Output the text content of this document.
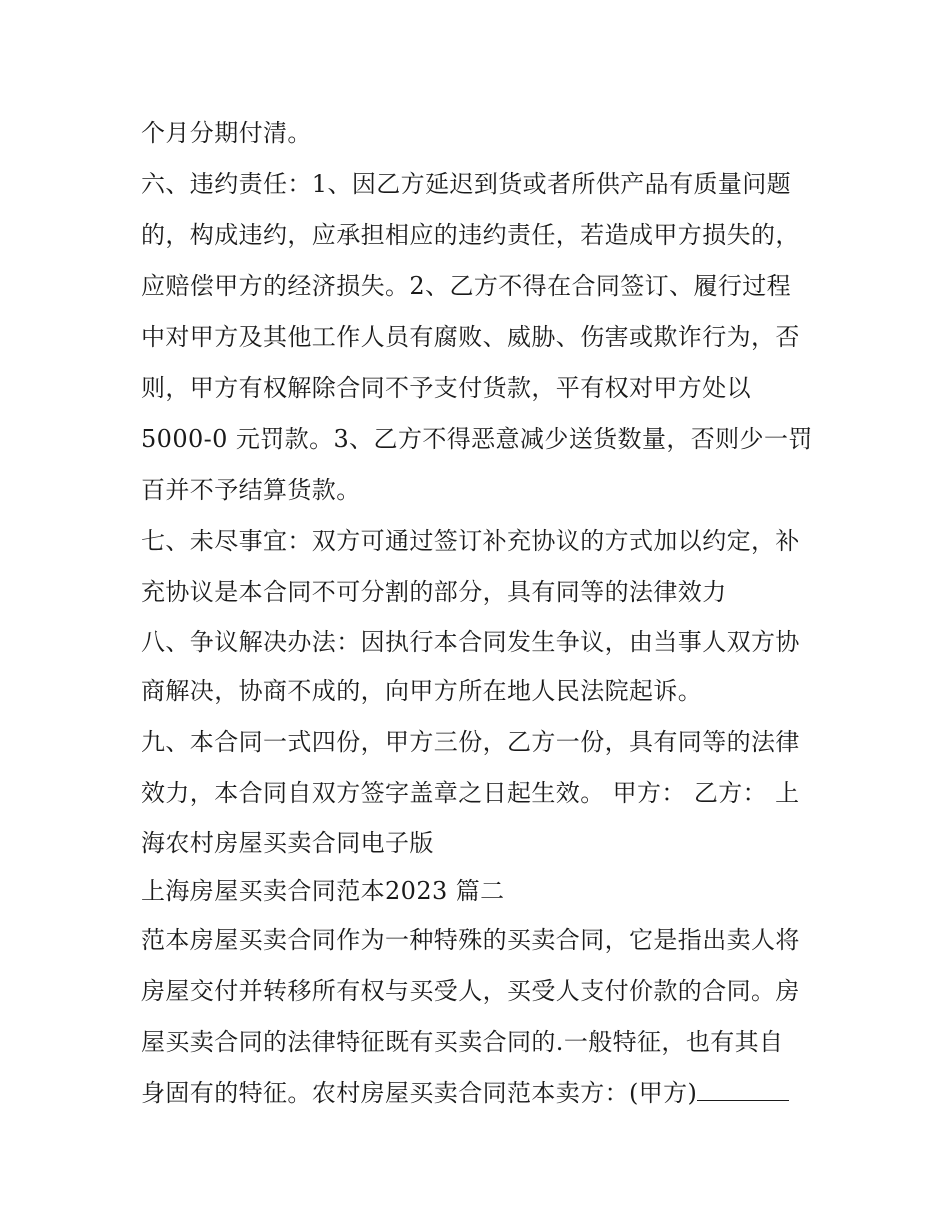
个月分期付清。
六、违约责任：1、因乙方延迟到货或者所供产品有质量问题
的，构成违约，应承担相应的违约责任，若造成甲方损失的，
应赔偿甲方的经济损失。2、乙方不得在合同签订、履行过程
中对甲方及其他工作人员有腐败、威胁、伤害或欺诈行为，否
则，甲方有权解除合同不予支付货款，平有权对甲方处以
5000-0 元罚款。3、乙方不得恶意减少送货数量，否则少一罚
百并不予结算货款。
七、未尽事宜：双方可通过签订补充协议的方式加以约定，补
充协议是本合同不可分割的部分，具有同等的法律效力
八、争议解决办法：因执行本合同发生争议，由当事人双方协
商解决，协商不成的，向甲方所在地人民法院起诉。
九、本合同一式四份，甲方三份，乙方一份，具有同等的法律
效力，本合同自双方签字盖章之日起生效。 甲方： 乙方： 上
海农村房屋买卖合同电子版
上海房屋买卖合同范本2023 篇二
范本房屋买卖合同作为一种特殊的买卖合同，它是指出卖人将
房屋交付并转移所有权与买受人，买受人支付价款的合同。房
屋买卖合同的法律特征既有买卖合同的.一般特征，也有其自
身固有的特征。农村房屋买卖合同范本卖方：(甲方)
